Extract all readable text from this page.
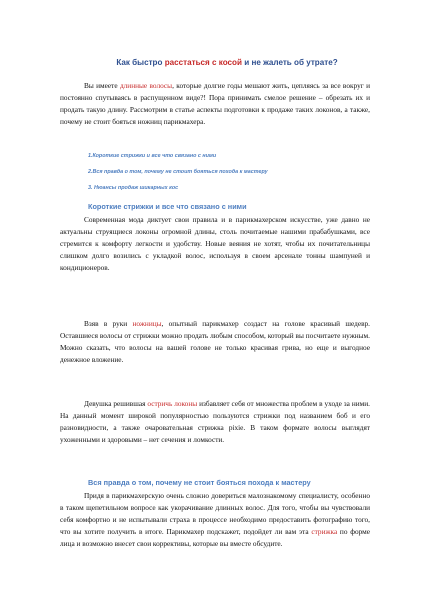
Как быстро расстаться с косой и не жалеть об утрате?

Вы имеете длинные волосы, которые долгие годы мешают жить, цепляясь за все вокруг и постоянно спутываясь в распущенном виде?! Пора принимать смелое решение – обрезать их и продать такую длину. Рассмотрим в статье аспекты подготовки к продаже таких локонов, а также, почему не стоит бояться ножниц парикмахера.

1.Короткие стрижки и все что связано с ними
2.Вся правда о том, почему не стоит бояться похода к мастеру
3. Нюансы продаж шикарных кос
Короткие стрижки и все что связано с ними

Современная мода диктует свои правила и в парикмахерском искусстве, уже давно не актуальны струящиеся локоны огромной длины, столь почитаемые нашими прабабушками, все стремится к комфорту легкости и удобству. Новые веяния не хотят, чтобы их почитательницы слишком долго возились с укладкой волос, используя в своем арсенале тонны шампуней и кондиционеров.

Взяв в руки ножницы, опытный парикмахер создаст на голове красивый шедевр. Оставшиеся волосы от стрижки можно продать любым способом, который вы посчитаете нужным. Можно сказать, что волосы на вашей голове не только красивая грива, но еще и выгодное денежное вложение.

Девушка решившая остричь локоны избавляет себя от множества проблем в уходе за ними. На данный момент широкой популярностью пользуются стрижки под названием боб и его разновидности, а также очаровательная стрижка pixie. В таком формате волосы выглядят ухоженными и здоровыми – нет сечения и ломкости.

Вся правда о том, почему не стоит бояться похода к мастеру

Придя в парикмахерскую очень сложно довериться малознакомому специалисту, особенно в таком щепетильном вопросе как укорачивание длинных волос. Для того, чтобы вы чувствовали себя комфортно и не испытывали страха в процессе необходимо предоставить фотографию того, что вы хотите получить в итоге. Парикмахер подскажет, подойдет ли вам эта стрижка по форме лица и возможно внесет свои коррективы, которые вы вместе обсудите.
